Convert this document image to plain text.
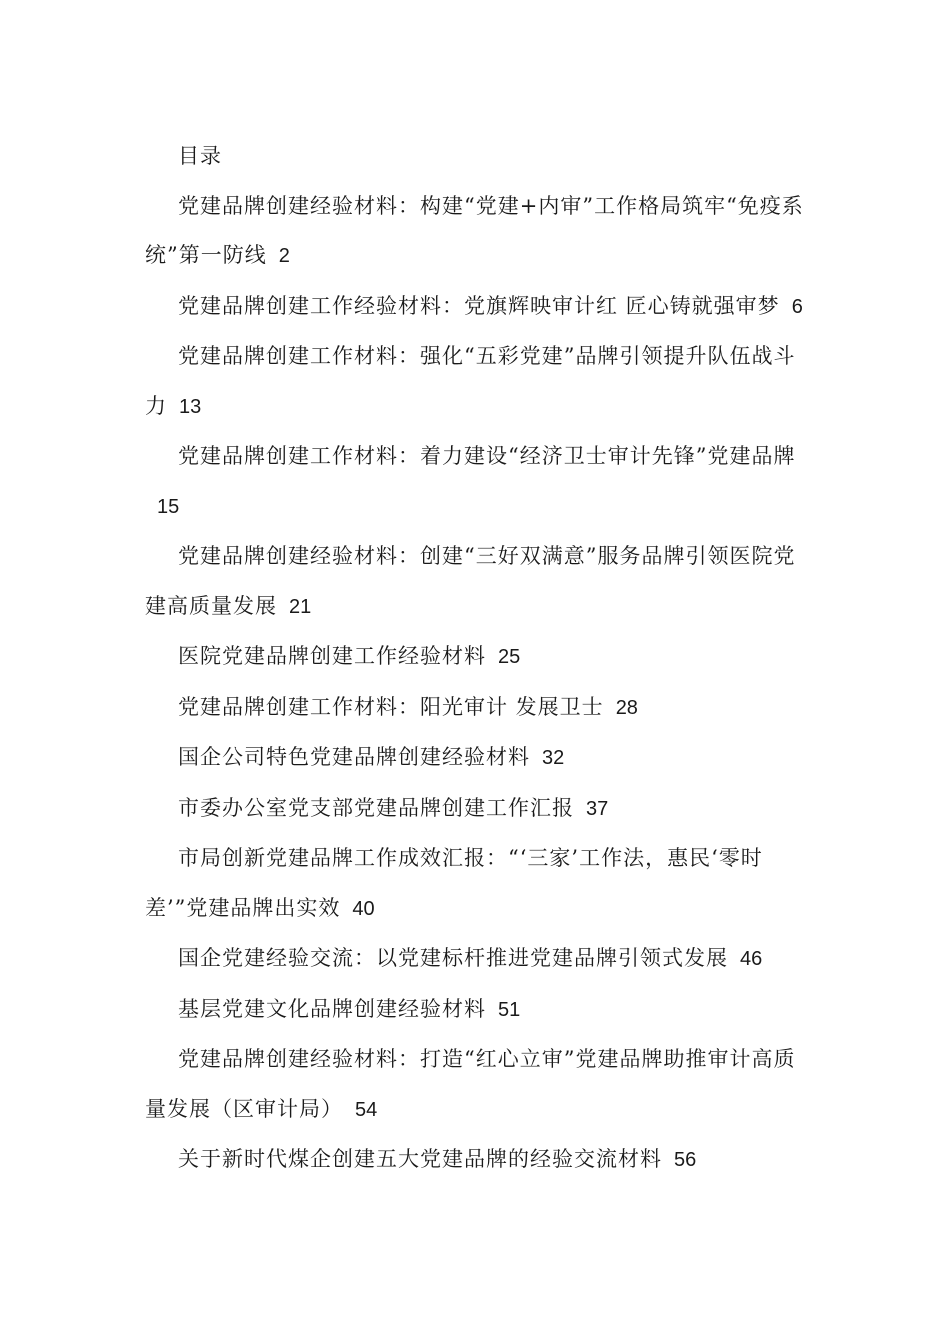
目录

党建品牌创建经验材料：构建“党建+内审”工作格局筑牢“免疫系统”第一防线 2

党建品牌创建工作经验材料：党旗辉映审计红 匠心铸就强审梦 6

党建品牌创建工作材料：强化“五彩党建”品牌引领提升队伍战斗力 13

党建品牌创建工作材料：着力建设“经济卫士审计先锋”党建品牌15

党建品牌创建经验材料：创建“三好双满意”服务品牌引领医院党建高质量发展 21

医院党建品牌创建工作经验材料 25

党建品牌创建工作材料：阳光审计 发展卫士 28

国企公司特色党建品牌创建经验材料 32

市委办公室党支部党建品牌创建工作汇报 37

市局创新党建品牌工作成效汇报：“‘三家’工作法，惠民‘零时差’”党建品牌出实效 40

国企党建经验交流：以党建标杆推进党建品牌引领式发展 46

基层党建文化品牌创建经验材料 51

党建品牌创建经验材料：打造“红心立审”党建品牌助推审计高质量发展（区审计局） 54

关于新时代煤企创建五大党建品牌的经验交流材料 56
